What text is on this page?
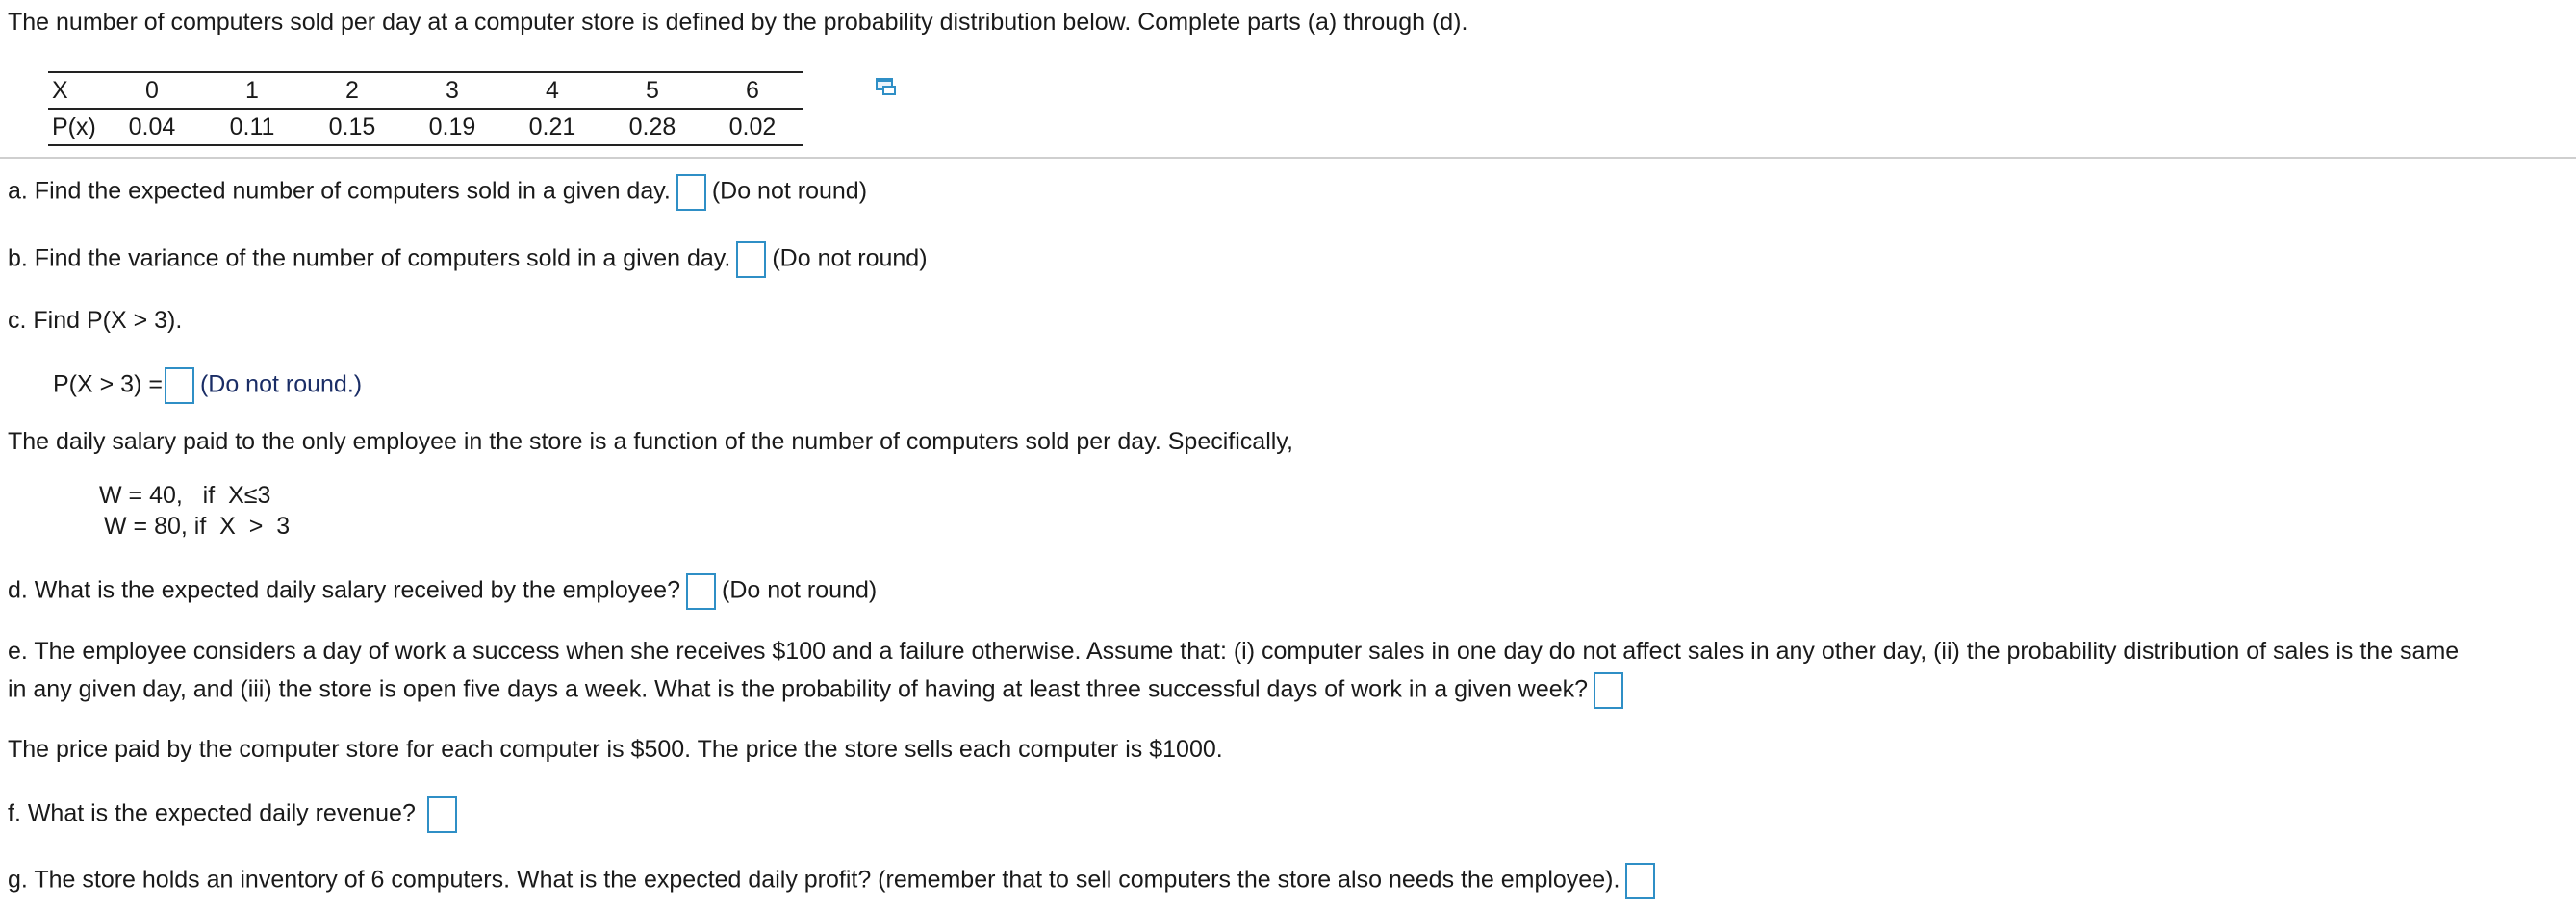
The number of computers sold per day at a computer store is defined by the probability distribution below. Complete parts (a) through (d).
X	0	1	2	3	4	5	6
P(x)	0.04	0.11	0.15	0.19	0.21	0.28	0.02
a. Find the expected number of computers sold in a given day. (Do not round)
b. Find the variance of the number of computers sold in a given day. (Do not round)
c. Find P(X > 3).
P(X > 3) = (Do not round.)
The daily salary paid to the only employee in the store is a function of the number of computers sold per day. Specifically,
W = 40,   if  X≤3
W = 80, if  X  >  3
d. What is the expected daily salary received by the employee? (Do not round)
e. The employee considers a day of work a success when she receives $100 and a failure otherwise. Assume that: (i) computer sales in one day do not affect sales in any other day, (ii) the probability distribution of sales is the same
in any given day, and (iii) the store is open five days a week. What is the probability of having at least three successful days of work in a given week?
The price paid by the computer store for each computer is $500. The price the store sells each computer is $1000.
f. What is the expected daily revenue?
g. The store holds an inventory of 6 computers. What is the expected daily profit? (remember that to sell computers the store also needs the employee).
